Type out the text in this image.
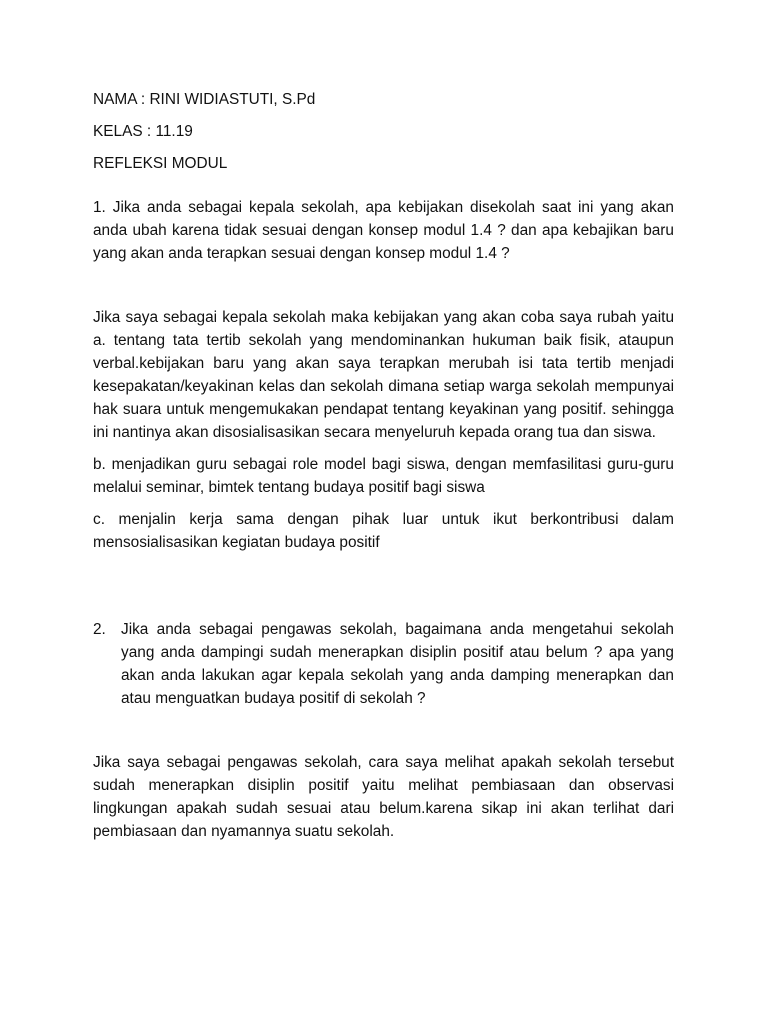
NAMA : RINI WIDIASTUTI, S.Pd

KELAS : 11.19

REFLEKSI MODUL

1. Jika anda sebagai kepala sekolah, apa kebijakan disekolah saat ini yang akan anda ubah karena tidak sesuai dengan konsep modul 1.4 ? dan apa kebajikan baru yang akan anda terapkan sesuai dengan konsep modul 1.4 ?

Jika saya sebagai kepala sekolah maka kebijakan yang akan coba saya rubah yaitu a. tentang tata tertib sekolah yang mendominankan hukuman baik fisik, ataupun verbal.kebijakan baru yang akan saya terapkan merubah isi tata tertib menjadi kesepakatan/keyakinan kelas dan sekolah dimana setiap warga sekolah mempunyai hak suara untuk mengemukakan pendapat tentang keyakinan yang positif. sehingga ini nantinya akan disosialisasikan secara menyeluruh kepada orang tua dan siswa.

b. menjadikan guru sebagai role model bagi siswa, dengan memfasilitasi guru-guru melalui seminar, bimtek tentang budaya positif bagi siswa

c. menjalin kerja sama dengan pihak luar untuk ikut berkontribusi dalam mensosialisasikan kegiatan budaya positif

2. Jika anda sebagai pengawas sekolah, bagaimana anda mengetahui sekolah yang anda dampingi sudah menerapkan disiplin positif atau belum ? apa yang akan anda lakukan agar kepala sekolah yang anda damping menerapkan dan atau menguatkan budaya positif di sekolah ?

Jika saya sebagai pengawas sekolah, cara saya melihat apakah sekolah tersebut sudah menerapkan disiplin positif yaitu melihat pembiasaan dan observasi lingkungan apakah sudah sesuai atau belum.karena sikap ini akan terlihat dari pembiasaan dan nyamannya suatu sekolah.
